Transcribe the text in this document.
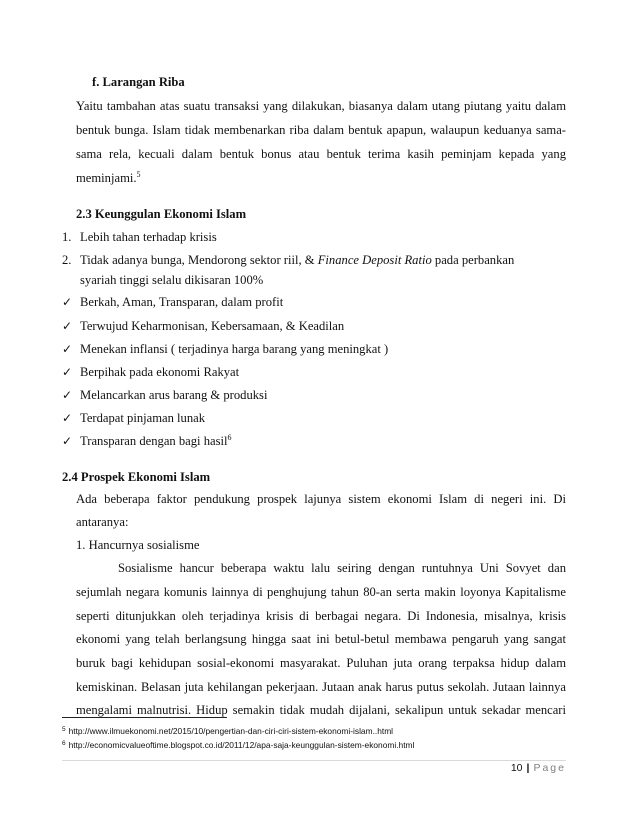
f. Larangan Riba
Yaitu tambahan atas suatu transaksi yang dilakukan, biasanya dalam utang piutang yaitu dalam
bentuk bunga. Islam tidak membenarkan riba dalam bentuk apapun, walaupun keduanya sama-
sama rela, kecuali dalam bentuk bonus atau bentuk terima kasih peminjam kepada yang
meminjami.$^5$
2.3 Keunggulan Ekonomi Islam
1. Lebih tahan terhadap krisis
2. Tidak adanya bunga, Mendorong sektor riil, & Finance Deposit Ratio pada perbankan
syariah tinggi selalu dikisaran 100%
✓ Berkah, Aman, Transparan, dalam profit
✓ Terwujud Keharmonisan, Kebersamaan, & Keadilan
✓ Menekan inflansi ( terjadinya harga barang yang meningkat )
✓ Berpihak pada ekonomi Rakyat
✓ Melancarkan arus barang & produksi
✓ Terdapat pinjaman lunak
✓ Transparan dengan bagi hasil$^6$
2.4 Prospek Ekonomi Islam
Ada beberapa faktor pendukung prospek lajunya sistem ekonomi Islam di negeri ini. Di
antaranya:
1. Hancurnya sosialisme
Sosialisme hancur beberapa waktu lalu seiring dengan runtuhnya Uni Sovyet dan
sejumlah negara komunis lainnya di penghujung tahun 80-an serta makin loyonya Kapitalisme
seperti ditunjukkan oleh terjadinya krisis di berbagai negara. Di Indonesia, misalnya, krisis
ekonomi yang telah berlangsung hingga saat ini betul-betul membawa pengaruh yang sangat
buruk bagi kehidupan sosial-ekonomi masyarakat. Puluhan juta orang terpaksa hidup dalam
kemiskinan. Belasan juta kehilangan pekerjaan. Jutaan anak harus putus sekolah. Jutaan lainnya
mengalami malnutrisi. Hidup semakin tidak mudah dijalani, sekalipun untuk sekadar mencari
$^5$ http://www.ilmuekonomi.net/2015/10/pengertian-dan-ciri-ciri-sistem-ekonomi-islam..html
$^6$ http://economicvalueoftime.blogspot.co.id/2011/12/apa-saja-keunggulan-sistem-ekonomi.html
10 | Page
